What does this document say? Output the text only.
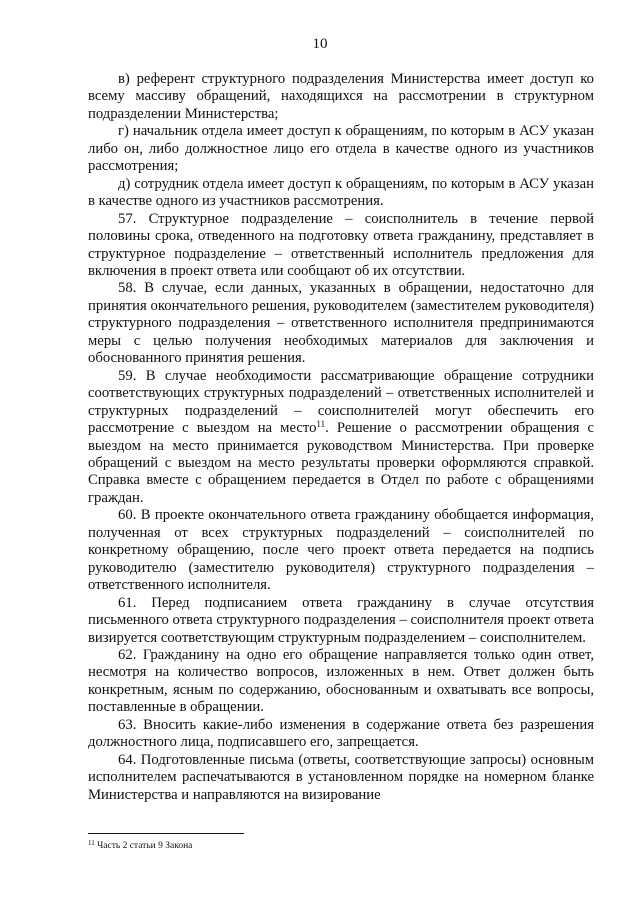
10

в) референт структурного подразделения Министерства имеет доступ ко всему массиву обращений, находящихся на рассмотрении в структурном подразделении Министерства;

г) начальник отдела имеет доступ к обращениям, по которым в АСУ указан либо он, либо должностное лицо его отдела в качестве одного из участников рассмотрения;

д) сотрудник отдела имеет доступ к обращениям, по которым в АСУ указан в качестве одного из участников рассмотрения.

57. Структурное подразделение – соисполнитель в течение первой половины срока, отведенного на подготовку ответа гражданину, представляет в структурное подразделение – ответственный исполнитель предложения для включения в проект ответа или сообщают об их отсутствии.

58. В случае, если данных, указанных в обращении, недостаточно для принятия окончательного решения, руководителем (заместителем руководителя) структурного подразделения – ответственного исполнителя предпринимаются меры с целью получения необходимых материалов для заключения и обоснованного принятия решения.

59. В случае необходимости рассматривающие обращение сотрудники соответствующих структурных подразделений – ответственных исполнителей и структурных подразделений – соисполнителей могут обеспечить его рассмотрение с выездом на место$^{11}$. Решение о рассмотрении обращения с выездом на место принимается руководством Министерства. При проверке обращений с выездом на место результаты проверки оформляются справкой. Справка вместе с обращением передается в Отдел по работе с обращениями граждан.

60. В проекте окончательного ответа гражданину обобщается информация, полученная от всех структурных подразделений – соисполнителей по конкретному обращению, после чего проект ответа передается на подпись руководителю (заместителю руководителя) структурного подразделения – ответственного исполнителя.

61. Перед подписанием ответа гражданину в случае отсутствия письменного ответа структурного подразделения – соисполнителя проект ответа визируется соответствующим структурным подразделением – соисполнителем.

62. Гражданину на одно его обращение направляется только один ответ, несмотря на количество вопросов, изложенных в нем. Ответ должен быть конкретным, ясным по содержанию, обоснованным и охватывать все вопросы, поставленные в обращении.

63. Вносить какие-либо изменения в содержание ответа без разрешения должностного лица, подписавшего его, запрещается.

64. Подготовленные письма (ответы, соответствующие запросы) основным исполнителем распечатываются в установленном порядке на номерном бланке Министерства и направляются на визирование

$^{11}$ Часть 2 статьи 9 Закона
